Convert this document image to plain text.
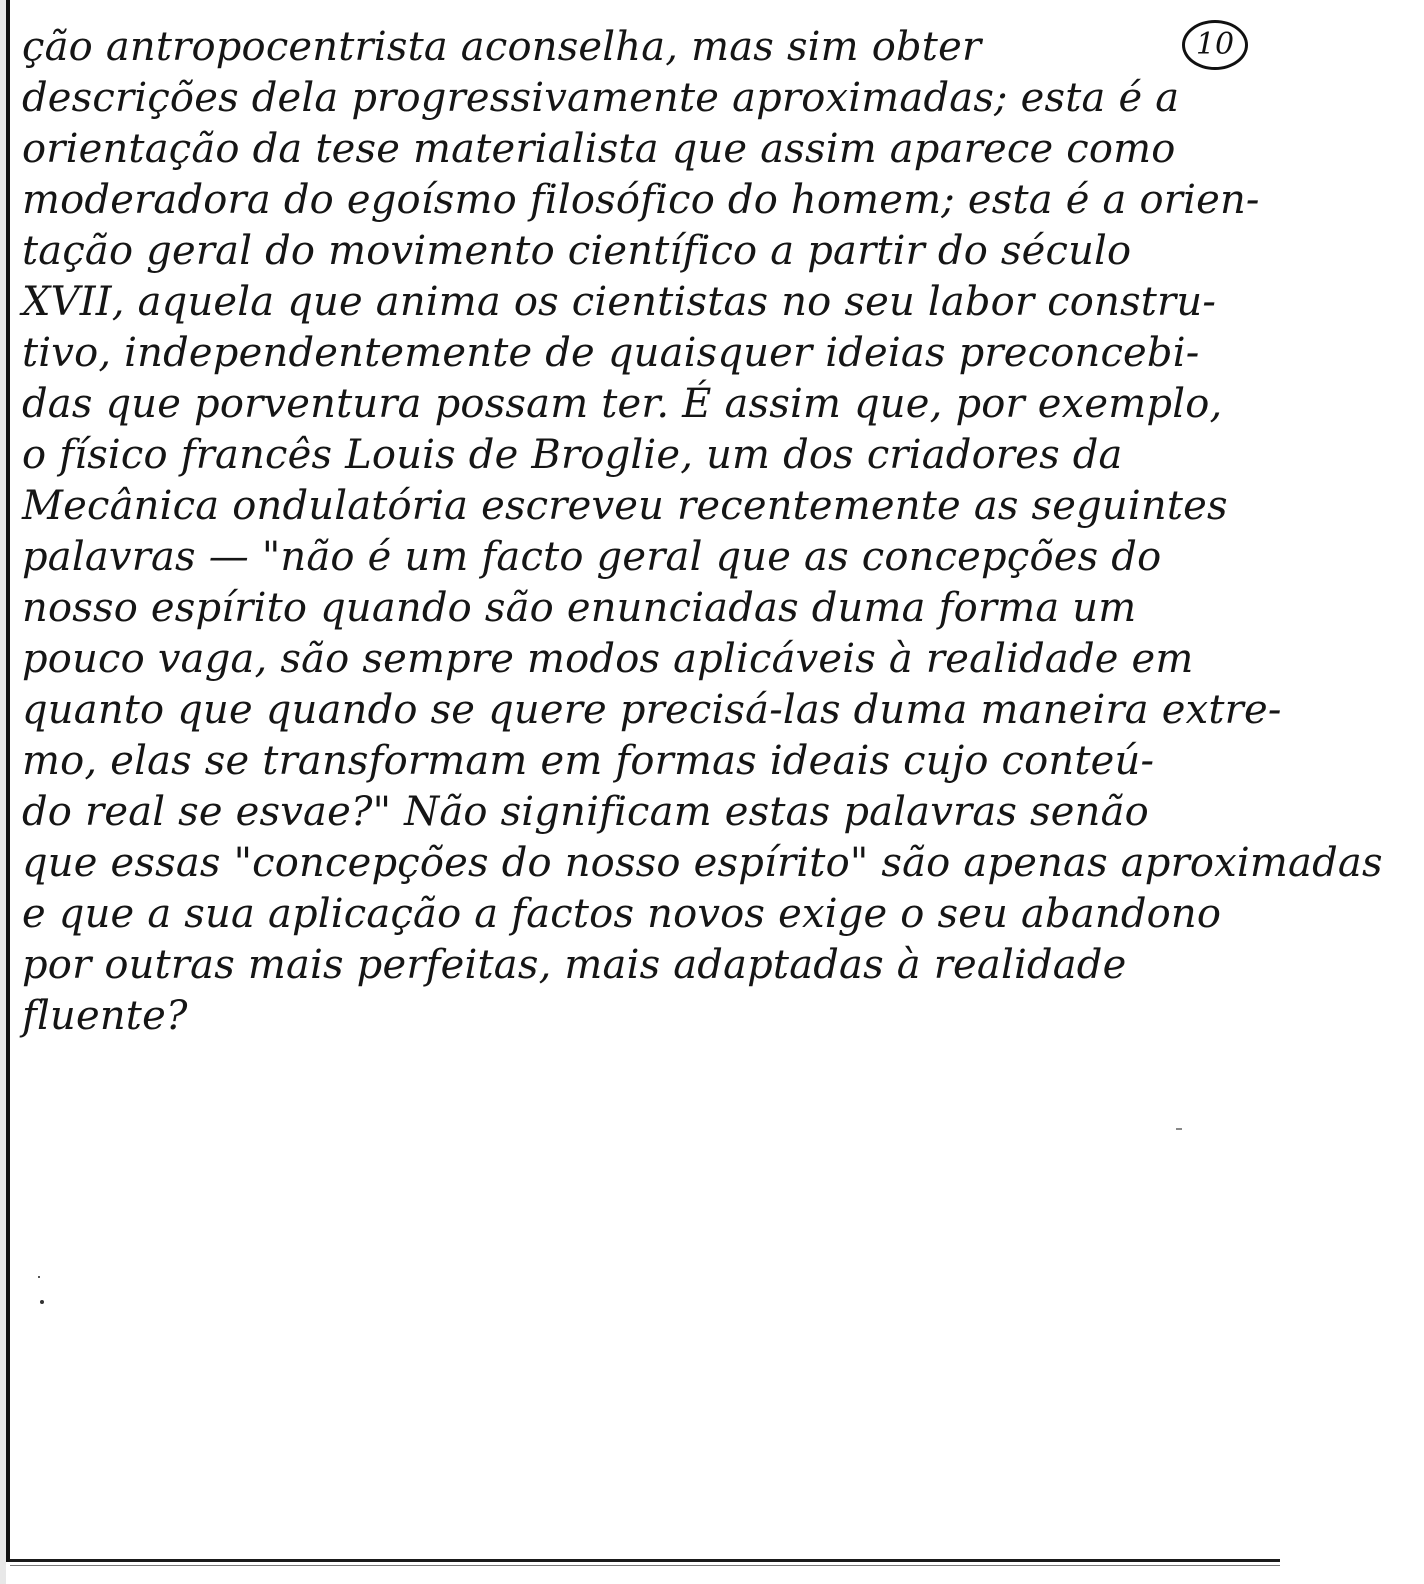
10
ção antropocentrista aconselha, mas sim obter
descrições dela progressivamente aproximadas; esta é a
orientação da tese materialista que assim aparece como
moderadora do egoísmo filosófico do homem; esta é a orien-
tação geral do movimento científico a partir do século
XVII, aquela que anima os cientistas no seu labor constru-
tivo, independentemente de quaisquer ideias preconcebi-
das que porventura possam ter. É assim que, por exemplo,
o físico francês Louis de Broglie, um dos criadores da
Mecânica ondulatória escreveu recentemente as seguintes
palavras — "não é um facto geral que as concepções do
nosso espírito quando são enunciadas duma forma um
pouco vaga, são sempre modos aplicáveis à realidade em
quanto que quando se quere precisá-las duma maneira extre-
mo, elas se transformam em formas ideais cujo conteú-
do real se esvae?" Não significam estas palavras senão
que essas "concepções do nosso espírito" são apenas aproximadas
e que a sua aplicação a factos novos exige o seu abandono
por outras mais perfeitas, mais adaptadas à realidade
fluente?
